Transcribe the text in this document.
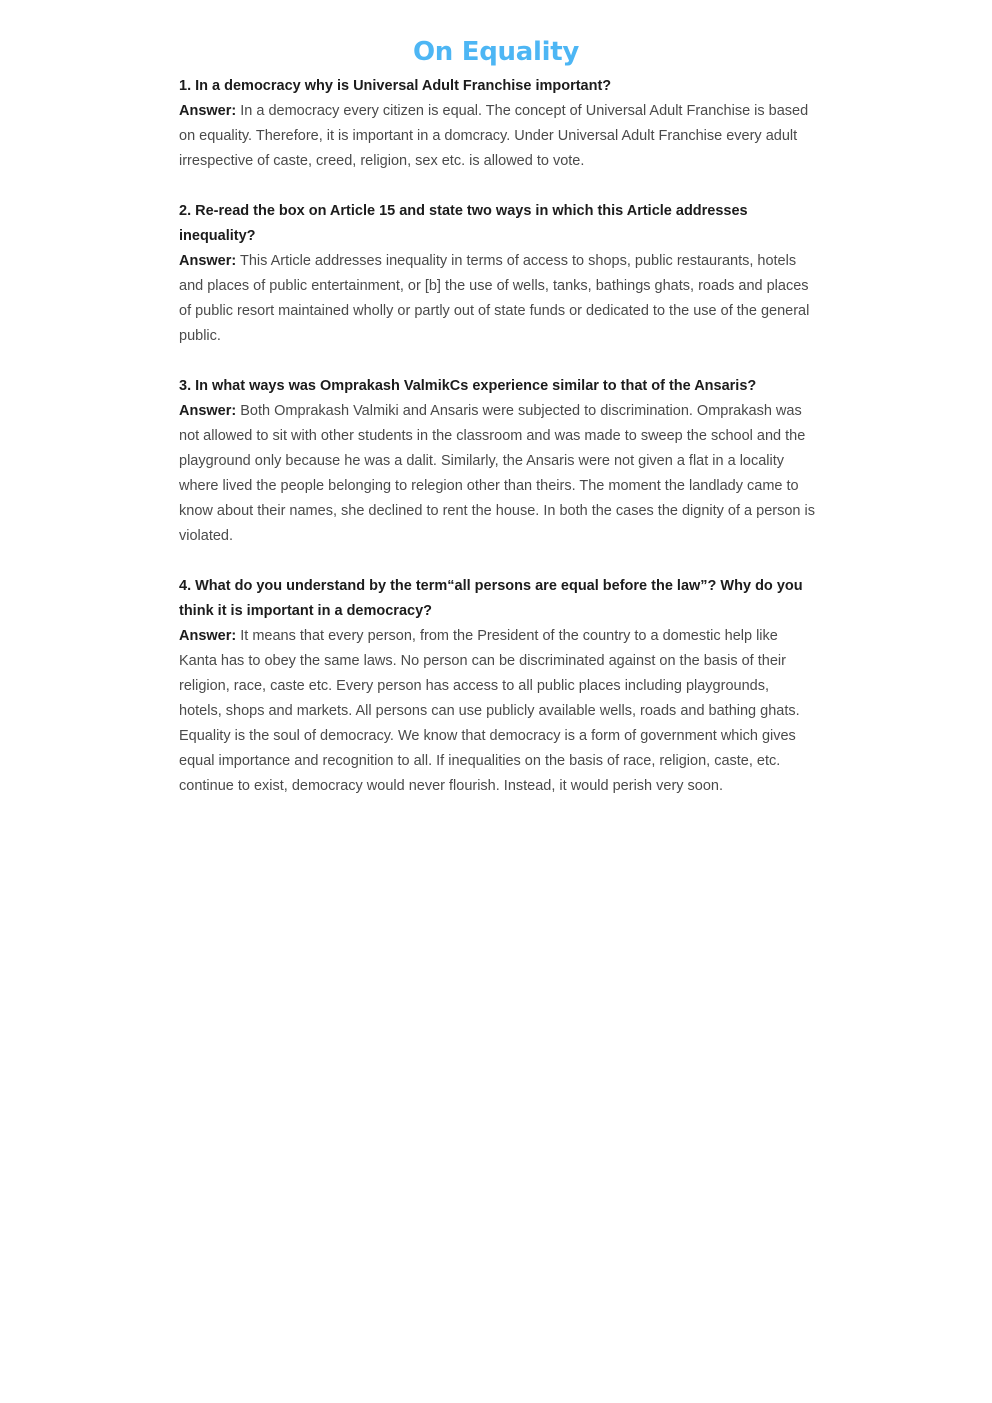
On Equality

1. In a democracy why is Universal Adult Franchise important?

Answer: In a democracy every citizen is equal. The concept of Universal Adult Franchise is based on equality. Therefore, it is important in a domcracy. Under Universal Adult Franchise every adult irrespective of caste, creed, religion, sex etc. is allowed to vote.

2. Re-read the box on Article 15 and state two ways in which this Article addresses inequality?

Answer: This Article addresses inequality in terms of access to shops, public restaurants, hotels and places of public entertainment, or [b] the use of wells, tanks, bathings ghats, roads and places of public resort maintained wholly or partly out of state funds or dedicated to the use of the general public.

3. In what ways was Omprakash ValmikCs experience similar to that of the Ansaris?

Answer: Both Omprakash Valmiki and Ansaris were subjected to discrimination. Omprakash was not allowed to sit with other students in the classroom and was made to sweep the school and the playground only because he was a dalit. Similarly, the Ansaris were not given a flat in a locality where lived the people belonging to relegion other than theirs. The moment the landlady came to know about their names, she declined to rent the house. In both the cases the dignity of a person is violated.

4. What do you understand by the term“all persons are equal before the law”? Why do you think it is important in a democracy?

Answer: It means that every person, from the President of the country to a domestic help like Kanta has to obey the same laws. No person can be discriminated against on the basis of their religion, race, caste etc. Every person has access to all public places including playgrounds, hotels, shops and markets. All persons can use publicly available wells, roads and bathing ghats.

Equality is the soul of democracy. We know that democracy is a form of government which gives equal importance and recognition to all. If inequalities on the basis of race, religion, caste, etc. continue to exist, democracy would never flourish. Instead, it would perish very soon.
